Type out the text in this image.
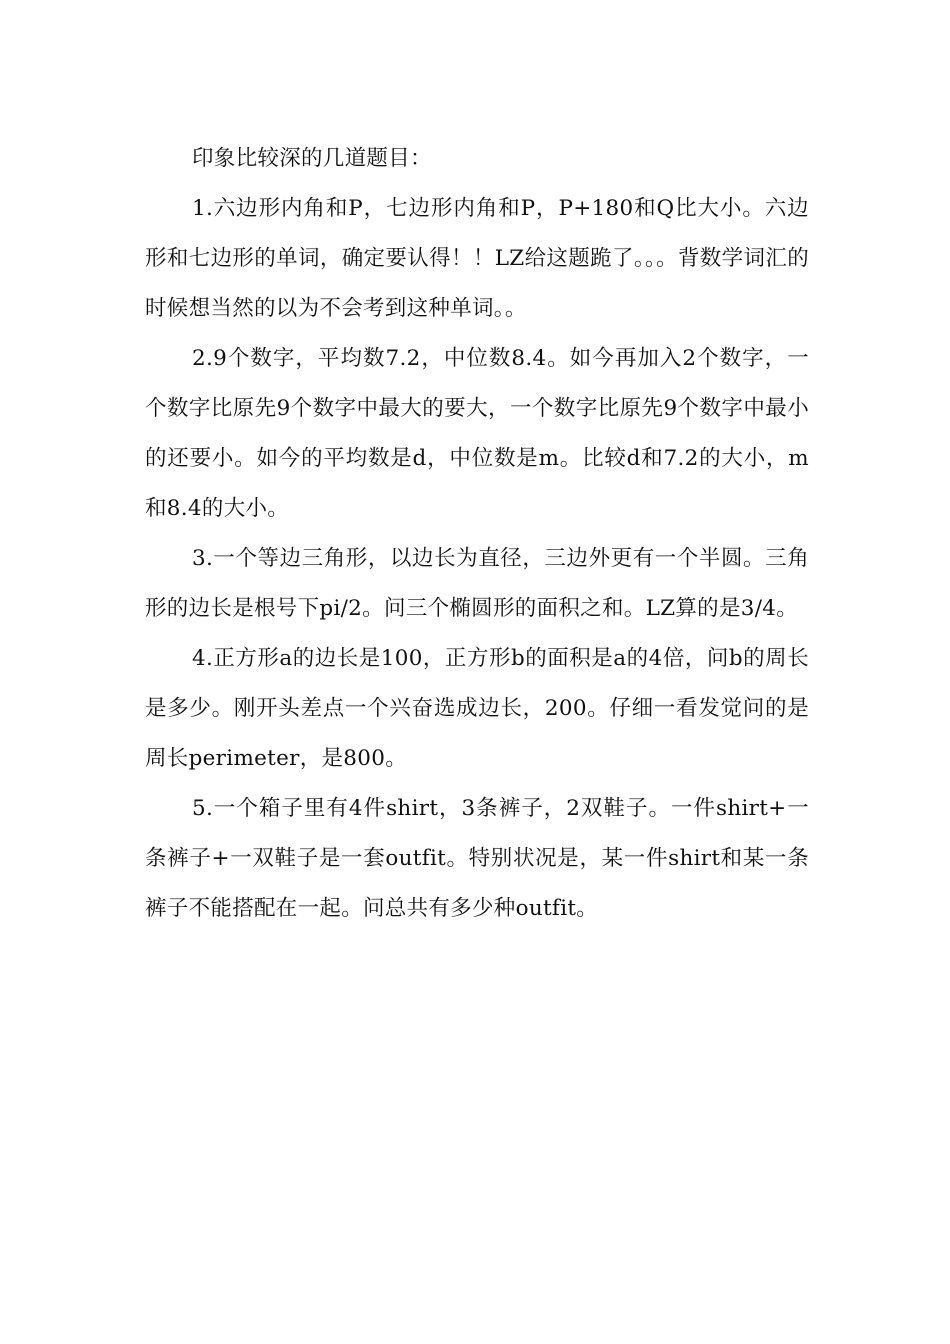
印象比较深的几道题目：

1.六边形内角和P，七边形内角和P，P+180和Q比大小。六边形和七边形的单词，确定要认得！！LZ给这题跪了。。。背数学词汇的时候想当然的以为不会考到这种单词。。

2.9个数字，平均数7.2，中位数8.4。如今再加入2个数字，一个数字比原先9个数字中最大的要大，一个数字比原先9个数字中最小的还要小。如今的平均数是d，中位数是m。比较d和7.2的大小，m和8.4的大小。

3.一个等边三角形，以边长为直径，三边外更有一个半圆。三角形的边长是根号下pi/2。问三个椭圆形的面积之和。LZ算的是3/4。

4.正方形a的边长是100，正方形b的面积是a的4倍，问b的周长是多少。刚开头差点一个兴奋选成边长，200。仔细一看发觉问的是周长perimeter，是800。

5.一个箱子里有4件shirt，3条裤子，2双鞋子。一件shirt+一条裤子+一双鞋子是一套outfit。特别状况是，某一件shirt和某一条裤子不能搭配在一起。问总共有多少种outfit。
